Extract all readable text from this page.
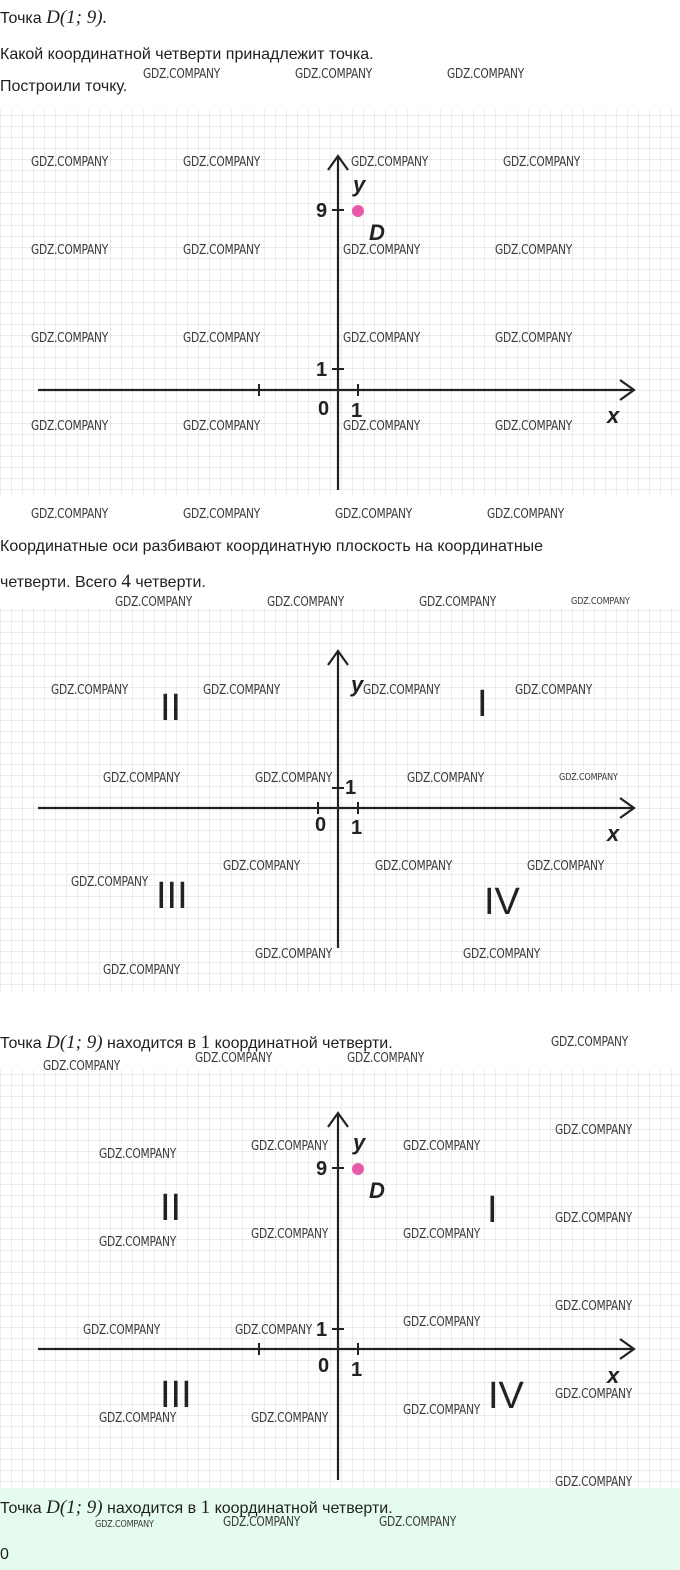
Точка D(1; 9).
Какой координатной четверти принадлежит точка.
Построили точку.
y
x
0 1
1
9
D
Координатные оси разбивают координатную плоскость на координатные
четверти. Всего 4 четверти.
y
x
0 1
1
I
II
III	IV
Точка D(1; 9) находится в 1 координатной четверти.
y
x
0 1
1
9
D	I
II
III	IV
Точка D(1; 9) находится в 1 координатной четверти.
0
GDZ.COMPANY	GDZ.COMPANY	GDZ.COMPANY
GDZ.COMPANY	GDZ.COMPANY	GDZ.COMPANY	GDZ.COMPANY
GDZ.COMPANY	GDZ.COMPANY	GDZ.COMPANY	GDZ.COMPANY
GDZ.COMPANY	GDZ.COMPANY	GDZ.COMPANY	GDZ.COMPANY
GDZ.COMPANY	GDZ.COMPANY	GDZ.COMPANY	GDZ.COMPANY
GDZ.COMPANY	GDZ.COMPANY	GDZ.COMPANY	GDZ.COMPANY
GDZ.COMPANY	GDZ.COMPANY	GDZ.COMPANY	GDZ.COMPANY
GDZ.COMPANY	GDZ.COMPANY	GDZ.COMPANY	GDZ.COMPANY
GDZ.COMPANY	GDZ.COMPANY	GDZ.COMPANY	GDZ.COMPANY
GDZ.COMPANY
GDZ.COMPANY	GDZ.COMPANY	GDZ.COMPANY
GDZ.COMPANY	GDZ.COMPANY
GDZ.COMPANY
GDZ.COMPANY
GDZ.COMPANY	GDZ.COMPANY
GDZ.COMPANY
GDZ.COMPANY
GDZ.COMPANY	GDZ.COMPANY
GDZ.COMPANY
GDZ.COMPANY
GDZ.COMPANY	GDZ.COMPANY
GDZ.COMPANY
GDZ.COMPANY
GDZ.COMPANY
GDZ.COMPANY	GDZ.COMPANY
GDZ.COMPANY
GDZ.COMPANY
GDZ.COMPANY	GDZ.COMPANY
GDZ.COMPANY
GDZ.COMPANY	GDZ.COMPANY	GDZ.COMPANY
